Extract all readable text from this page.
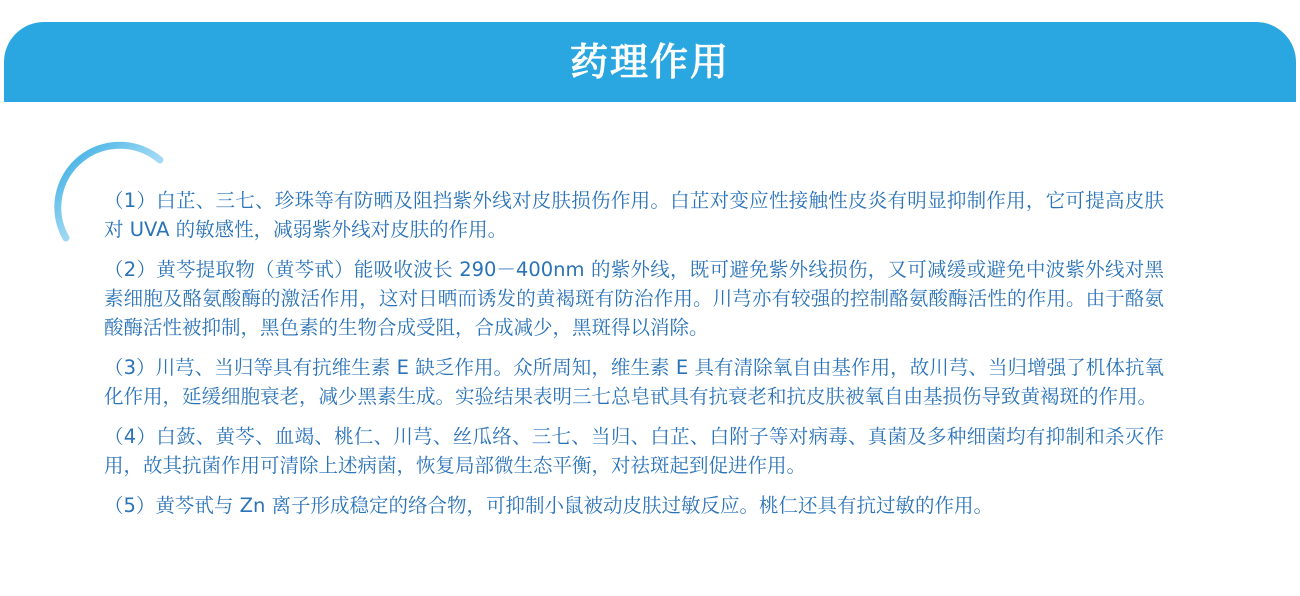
药理作用

（1）白芷、三七、珍珠等有防晒及阻挡紫外线对皮肤损伤作用。白芷对变应性接触性皮炎有明显抑制作用，它可提高皮肤对 UVA 的敏感性，减弱紫外线对皮肤的作用。

（2）黄芩提取物（黄芩甙）能吸收波长 290－400nm 的紫外线，既可避免紫外线损伤，又可减缓或避免中波紫外线对黑素细胞及酪氨酸酶的激活作用，这对日晒而诱发的黄褐斑有防治作用。川芎亦有较强的控制酪氨酸酶活性的作用。由于酪氨酸酶活性被抑制，黑色素的生物合成受阻，合成减少，黑斑得以消除。

（3）川芎、当归等具有抗维生素 E 缺乏作用。众所周知，维生素 E 具有清除氧自由基作用，故川芎、当归增强了机体抗氧化作用，延缓细胞衰老，减少黑素生成。实验结果表明三七总皂甙具有抗衰老和抗皮肤被氧自由基损伤导致黄褐斑的作用。

（4）白蔹、黄芩、血竭、桃仁、川芎、丝瓜络、三七、当归、白芷、白附子等对病毒、真菌及多种细菌均有抑制和杀灭作用，故其抗菌作用可清除上述病菌，恢复局部微生态平衡，对祛斑起到促进作用。

（5）黄芩甙与 Zn 离子形成稳定的络合物，可抑制小鼠被动皮肤过敏反应。桃仁还具有抗过敏的作用。
